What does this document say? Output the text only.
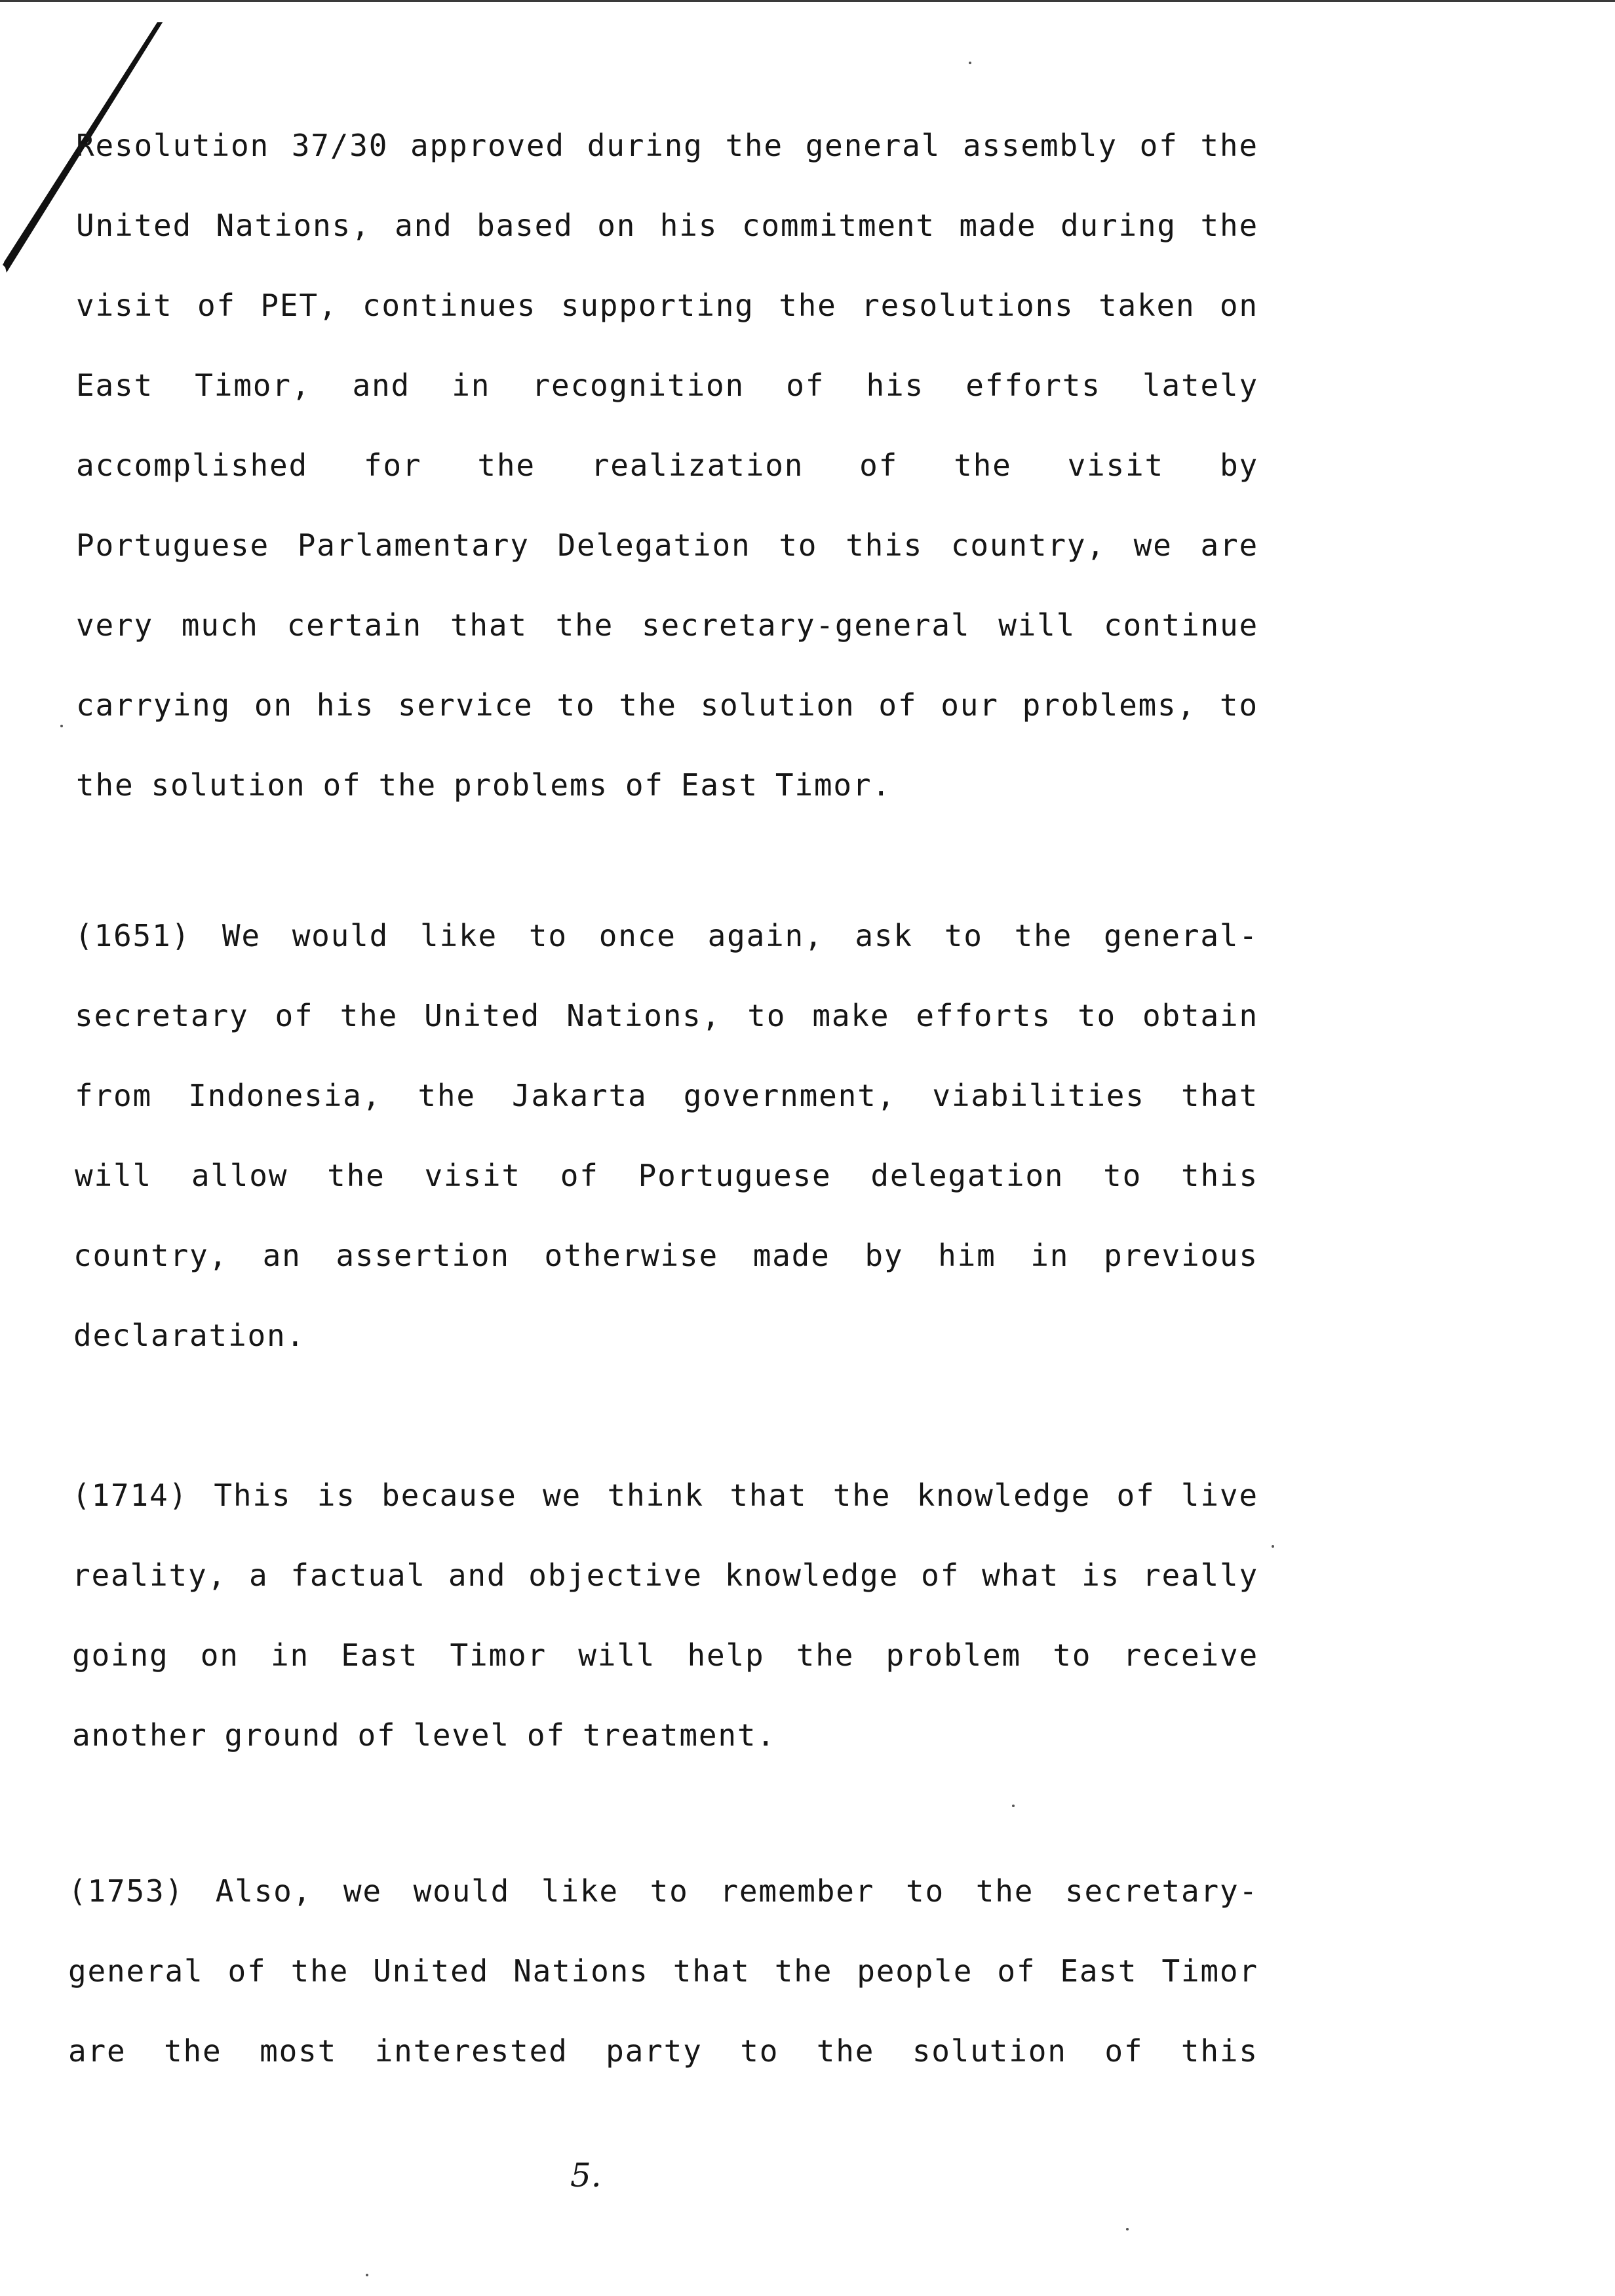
Resolution 37/30 approved during the general assembly of the
United Nations, and based on his commitment made during the
visit of PET, continues supporting the resolutions taken on
East Timor, and in recognition of his efforts lately
accomplished for the realization of the visit by
Portuguese Parlamentary Delegation to this country, we are
very much certain that the secretary-general will continue
carrying on his service to the solution of our problems, to
the solution of the problems of East Timor.
(1651) We would like to once again, ask to the general-
secretary of the United Nations, to make efforts to obtain
from Indonesia, the Jakarta government, viabilities that
will allow the visit of Portuguese delegation to this
country, an assertion otherwise made by him in previous
declaration.
(1714) This is because we think that the knowledge of live
reality, a factual and objective knowledge of what is really
going on in East Timor will help the problem to receive
another ground of level of treatment.
(1753) Also, we would like to remember to the secretary-
general of the United Nations that the people of East Timor
are the most interested party to the solution of this
5.
